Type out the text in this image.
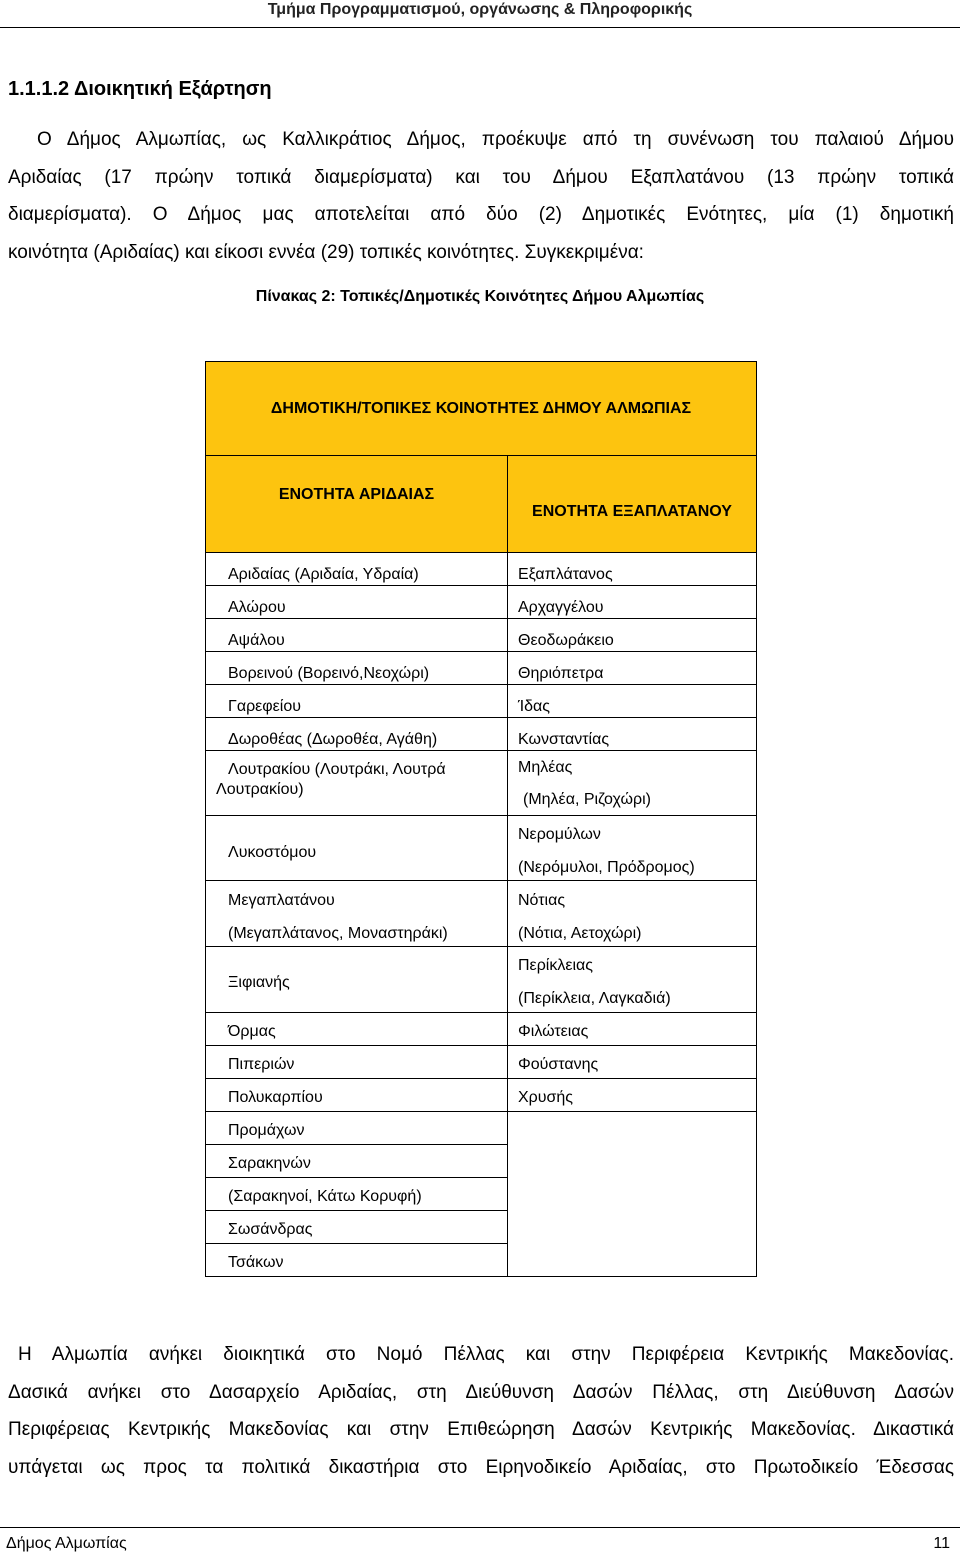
Τμήμα Προγραμματισμού, οργάνωσης & Πληροφορικής
1.1.1.2 Διοικητική Εξάρτηση
Ο Δήμος Αλμωπίας, ως Καλλικράτιος Δήμος, προέκυψε από τη συνένωση του παλαιού Δήμου
Αριδαίας (17 πρώην τοπικά διαμερίσματα) και του Δήμου Εξαπλατάνου (13 πρώην τοπικά
διαμερίσματα). Ο Δήμος μας αποτελείται από δύο (2) Δημοτικές Ενότητες, μία (1) δημοτική
κοινότητα (Αριδαίας) και είκοσι εννέα (29) τοπικές κοινότητες. Συγκεκριμένα:
Πίνακας 2: Τοπικές/Δημοτικές Κοινότητες Δήμου Αλμωπίας
ΔΗΜΟΤΙΚΗ/ΤΟΠΙΚΕΣ ΚΟΙΝΟΤΗΤΕΣ ΔΗΜΟΥ ΑΛΜΩΠΙΑΣ	
ΕΝΟΤΗΤΑ ΑΡΙΔΑΙΑΣ	ΕΝΟΤΗΤΑ ΕΞΑΠΛΑΤΑΝΟΥ

Αριδαίας (Αριδαία, Υδραία)	Εξαπλάτανος

Αλώρου	Αρχαγγέλου

Αψάλου	Θεοδωράκειο

Βορεινού (Βορεινό,Νεοχώρι)	Θηριόπετρα

Γαρεφείου	Ίδας

Δωροθέας (Δωροθέα, Αγάθη)	Κωνσταντίας

Λουτρακίου (Λουτράκι, Λουτρά
Λουτρακίου)	Μηλέας
(Μηλέα, Ριζοχώρι)

Λυκοστόμου	Νερομύλων
(Νερόμυλοι, Πρόδρομος)

Μεγαπλατάνου
(Μεγαπλάτανος, Μοναστηράκι)	Νότιας
(Νότια, Αετοχώρι)

Ξιφιανής	Περίκλειας
(Περίκλεια, Λαγκαδιά)

Όρμας	Φιλώτειας

Πιπεριών	Φούστανης

Πολυκαρπίου	Χρυσής

Προμάχων	

Σαρακηνών	

(Σαρακηνοί, Κάτω Κορυφή)	

Σωσάνδρας	

Τσάκων	

Η Αλμωπία ανήκει διοικητικά στο Νομό Πέλλας και στην Περιφέρεια Κεντρικής Μακεδονίας.
Δασικά ανήκει στο Δασαρχείο Αριδαίας, στη Διεύθυνση Δασών Πέλλας, στη Διεύθυνση Δασών
Περιφέρειας Κεντρικής Μακεδονίας και στην Επιθεώρηση Δασών Κεντρικής Μακεδονίας. Δικαστικά
υπάγεται ως προς τα πολιτικά δικαστήρια στο Ειρηνοδικείο Αριδαίας, στο Πρωτοδικείο Έδεσσας
Δήμος Αλμωπίας	11
